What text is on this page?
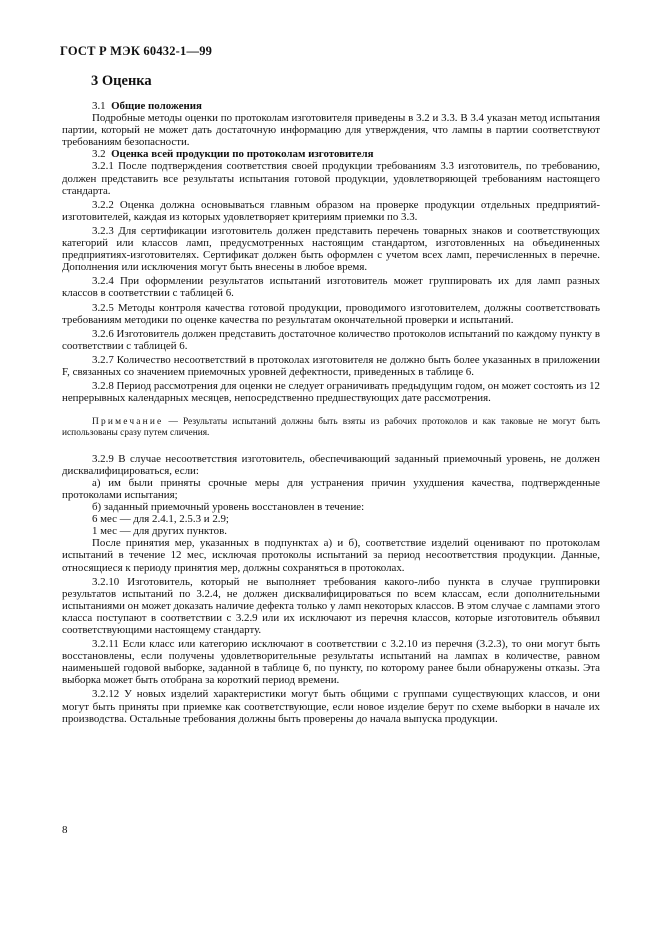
ГОСТ Р МЭК 60432-1—99
3 Оценка

3.1 Общие положения

Подробные методы оценки по протоколам изготовителя приведены в 3.2 и 3.3. В 3.4 указан метод испытания партии, который не может дать достаточную информацию для утверждения, что лампы в партии соответствуют требованиям безопасности.

3.2 Оценка всей продукции по протоколам изготовителя

3.2.1 После подтверждения соответствия своей продукции требованиям 3.3 изготовитель, по требованию, должен представить все результаты испытания готовой продукции, удовлетворяющей требованиям настоящего стандарта.

3.2.2 Оценка должна основываться главным образом на проверке продукции отдельных предприятий-изготовителей, каждая из которых удовлетворяет критериям приемки по 3.3.

3.2.3 Для сертификации изготовитель должен представить перечень товарных знаков и соответствующих категорий или классов ламп, предусмотренных настоящим стандартом, изготовленных на объединенных предприятиях-изготовителях. Сертификат должен быть оформлен с учетом всех ламп, перечисленных в перечне. Дополнения или исключения могут быть внесены в любое время.

3.2.4 При оформлении результатов испытаний изготовитель может группировать их для ламп разных классов в соответствии с таблицей 6.

3.2.5 Методы контроля качества готовой продукции, проводимого изготовителем, должны соответствовать требованиям методики по оценке качества по результатам окончательной проверки и испытаний.

3.2.6 Изготовитель должен представить достаточное количество протоколов испытаний по каждому пункту в соответствии с таблицей 6.

3.2.7 Количество несоответствий в протоколах изготовителя не должно быть более указанных в приложении F, связанных со значением приемочных уровней дефектности, приведенных в таблице 6.

3.2.8 Период рассмотрения для оценки не следует ограничивать предыдущим годом, он может состоять из 12 непрерывных календарных месяцев, непосредственно предшествующих дате рассмотрения.

Примечание — Результаты испытаний должны быть взяты из рабочих протоколов и как таковые не могут быть использованы сразу путем сличения.

3.2.9 В случае несоответствия изготовитель, обеспечивающий заданный приемочный уровень, не должен дисквалифицироваться, если:

а) им были приняты срочные меры для устранения причин ухудшения качества, подтвержденные протоколами испытания;

б) заданный приемочный уровень восстановлен в течение:

6 мес — для 2.4.1, 2.5.3 и 2.9;

1 мес — для других пунктов.

После принятия мер, указанных в подпунктах а) и б), соответствие изделий оценивают по протоколам испытаний в течение 12 мес, исключая протоколы испытаний за период несоответствия продукции. Данные, относящиеся к периоду принятия мер, должны сохраняться в протоколах.

3.2.10 Изготовитель, который не выполняет требования какого-либо пункта в случае группировки результатов испытаний по 3.2.4, не должен дисквалифицироваться по всем классам, если дополнительными испытаниями он может доказать наличие дефекта только у ламп некоторых классов. В этом случае с лампами этого класса поступают в соответствии с 3.2.9 или их исключают из перечня классов, которые изготовитель объявил соответствующими настоящему стандарту.

3.2.11 Если класс или категорию исключают в соответствии с 3.2.10 из перечня (3.2.3), то они могут быть восстановлены, если получены удовлетворительные результаты испытаний на лампах в количестве, равном наименьшей годовой выборке, заданной в таблице 6, по пункту, по которому ранее были обнаружены отказы. Эта выборка может быть отобрана за короткий период времени.

3.2.12 У новых изделий характеристики могут быть общими с группами существующих классов, и они могут быть приняты при приемке как соответствующие, если новое изделие берут по схеме выборки в начале их производства. Остальные требования должны быть проверены до начала выпуска продукции.

8
